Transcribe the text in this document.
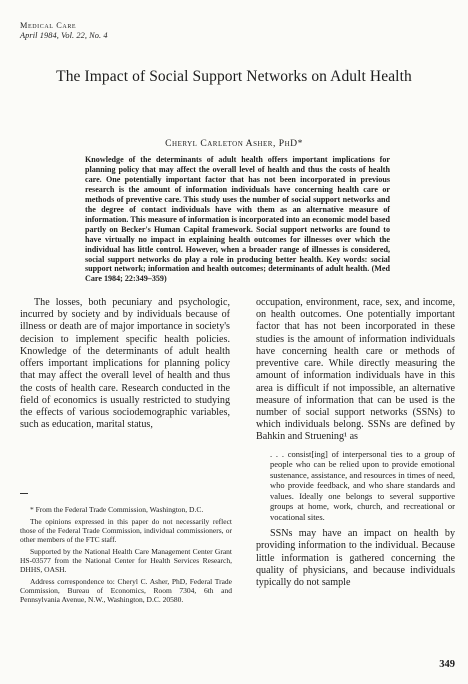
Medical Care
April 1984, Vol. 22, No. 4
The Impact of Social Support Networks on Adult Health
Cheryl Carleton Asher, PhD*
Knowledge of the determinants of adult health offers important implications for planning policy that may affect the overall level of health and thus the costs of health care. One potentially important factor that has not been incorporated in previous research is the amount of information individuals have concerning health care or methods of preventive care. This study uses the number of social support networks and the degree of contact individuals have with them as an alternative measure of information. This measure of information is incorporated into an economic model based partly on Becker's Human Capital framework. Social support networks are found to have virtually no impact in explaining health outcomes for illnesses over which the individual has little control. However, when a broader range of illnesses is considered, social support networks do play a role in producing better health. Key words: social support network; information and health outcomes; determinants of adult health. (Med Care 1984; 22:349–359)

The losses, both pecuniary and psychologic, incurred by society and by individuals because of illness or death are of major importance in society's decision to implement specific health policies. Knowledge of the determinants of adult health offers important implications for planning policy that may affect the overall level of health and thus the costs of health care. Research conducted in the field of economics is usually restricted to studying the effects of various sociodemographic variables, such as education, marital status,

* From the Federal Trade Commission, Washington, D.C.

The opinions expressed in this paper do not necessarily reflect those of the Federal Trade Commission, individual commissioners, or other members of the FTC staff.

Supported by the National Health Care Management Center Grant HS-03577 from the National Center for Health Services Research, DHHS, OASH.

Address correspondence to: Cheryl C. Asher, PhD, Federal Trade Commission, Bureau of Economics, Room 7304, 6th and Pennsylvania Avenue, N.W., Washington, D.C. 20580.

occupation, environment, race, sex, and income, on health outcomes. One potentially important factor that has not been incorporated in these studies is the amount of information individuals have concerning health care or methods of preventive care. While directly measuring the amount of information individuals have in this area is difficult if not impossible, an alternative measure of information that can be used is the number of social support networks (SSNs) to which individuals belong. SSNs are defined by Bahkin and Struening¹ as

. . . consist[ing] of interpersonal ties to a group of people who can be relied upon to provide emotional sustenance, assistance, and resources in times of need, who provide feedback, and who share standards and values. Ideally one belongs to several supportive groups at home, work, church, and recreational or vocational sites.

SSNs may have an impact on health by providing information to the individual. Because little information is gathered concerning the quality of physicians, and because individuals typically do not sample

349
